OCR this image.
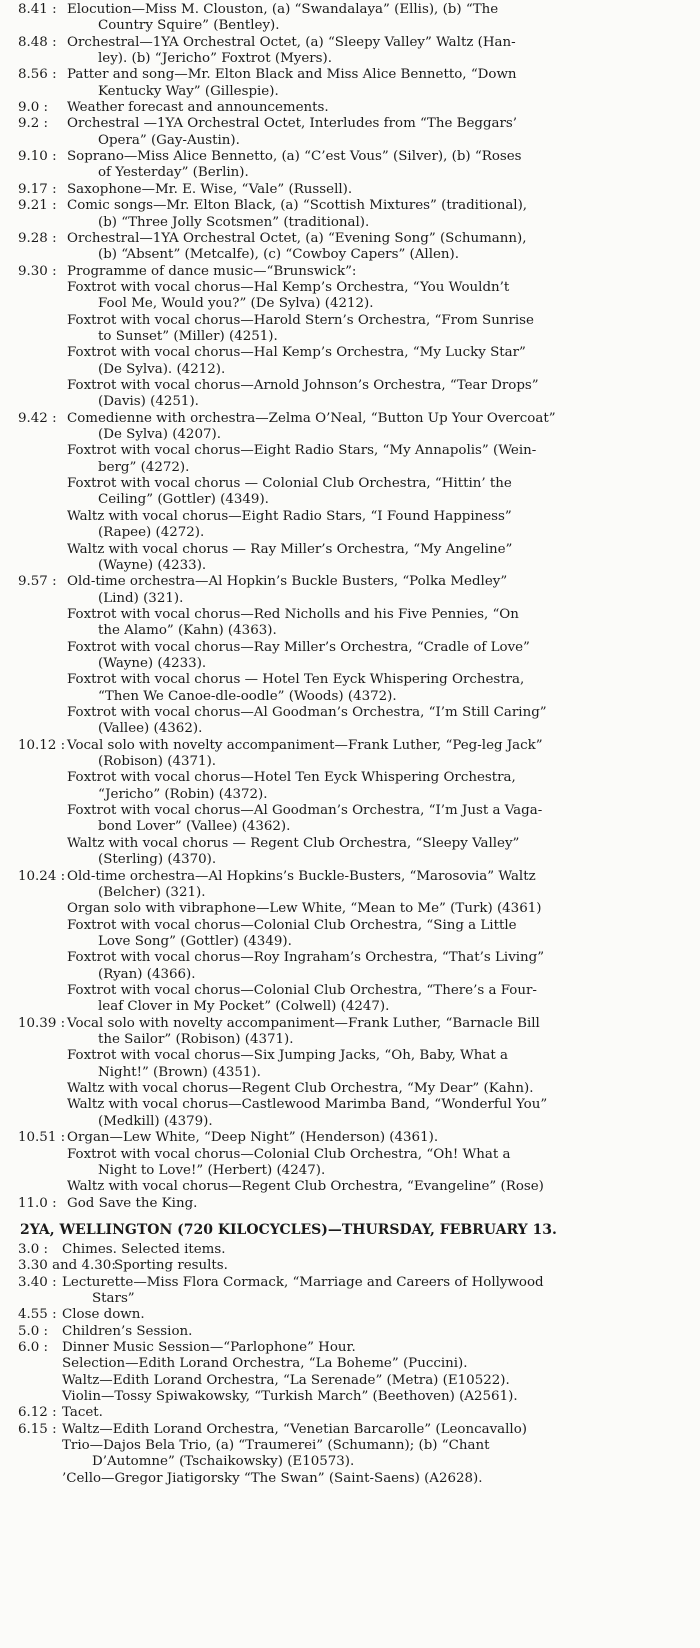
8.41 : Elocution—Miss M. Clouston, (a) “Swandalaya” (Ellis), (b) “The
Country Squire” (Bentley).
8.48 : Orchestral—1YA Orchestral Octet, (a) “Sleepy Valley” Waltz (Han-
ley). (b) “Jericho” Foxtrot (Myers).
8.56 : Patter and song—Mr. Elton Black and Miss Alice Bennetto, “Down
Kentucky Way” (Gillespie).
9.0 : Weather forecast and announcements.
9.2 : Orchestral —1YA Orchestral Octet, Interludes from “The Beggars’
Opera” (Gay-Austin).
9.10 : Soprano—Miss Alice Bennetto, (a) “C’est Vous” (Silver), (b) “Roses
of Yesterday” (Berlin).
9.17 : Saxophone—Mr. E. Wise, “Vale” (Russell).
9.21 : Comic songs—Mr. Elton Black, (a) “Scottish Mixtures” (traditional),
(b) “Three Jolly Scotsmen” (traditional).
9.28 : Orchestral—1YA Orchestral Octet, (a) “Evening Song” (Schumann),
(b) “Absent” (Metcalfe), (c) “Cowboy Capers” (Allen).
9.30 : Programme of dance music—“Brunswick”:
Foxtrot with vocal chorus—Hal Kemp’s Orchestra, “You Wouldn’t
Fool Me, Would you?” (De Sylva) (4212).
Foxtrot with vocal chorus—Harold Stern’s Orchestra, “From Sunrise
to Sunset” (Miller) (4251).
Foxtrot with vocal chorus—Hal Kemp’s Orchestra, “My Lucky Star”
(De Sylva). (4212).
Foxtrot with vocal chorus—Arnold Johnson’s Orchestra, “Tear Drops”
(Davis) (4251).
9.42 : Comedienne with orchestra—Zelma O’Neal, “Button Up Your Overcoat”
(De Sylva) (4207).
Foxtrot with vocal chorus—Eight Radio Stars, “My Annapolis” (Wein-
berg” (4272).
Foxtrot with vocal chorus — Colonial Club Orchestra, “Hittin’ the
Ceiling” (Gottler) (4349).
Waltz with vocal chorus—Eight Radio Stars, “I Found Happiness”
(Rapee) (4272).
Waltz with vocal chorus — Ray Miller’s Orchestra, “My Angeline”
(Wayne) (4233).
9.57 : Old-time orchestra—Al Hopkin’s Buckle Busters, “Polka Medley”
(Lind) (321).
Foxtrot with vocal chorus—Red Nicholls and his Five Pennies, “On
the Alamo” (Kahn) (4363).
Foxtrot with vocal chorus—Ray Miller’s Orchestra, “Cradle of Love”
(Wayne) (4233).
Foxtrot with vocal chorus — Hotel Ten Eyck Whispering Orchestra,
“Then We Canoe-dle-oodle” (Woods) (4372).
Foxtrot with vocal chorus—Al Goodman’s Orchestra, “I’m Still Caring”
(Vallee) (4362).
10.12 : Vocal solo with novelty accompaniment—Frank Luther, “Peg-leg Jack”
(Robison) (4371).
Foxtrot with vocal chorus—Hotel Ten Eyck Whispering Orchestra,
“Jericho” (Robin) (4372).
Foxtrot with vocal chorus—Al Goodman’s Orchestra, “I’m Just a Vaga-
bond Lover” (Vallee) (4362).
Waltz with vocal chorus — Regent Club Orchestra, “Sleepy Valley”
(Sterling) (4370).
10.24 : Old-time orchestra—Al Hopkins’s Buckle-Busters, “Marosovia” Waltz
(Belcher) (321).
Organ solo with vibraphone—Lew White, “Mean to Me” (Turk) (4361)
Foxtrot with vocal chorus—Colonial Club Orchestra, “Sing a Little
Love Song” (Gottler) (4349).
Foxtrot with vocal chorus—Roy Ingraham’s Orchestra, “That’s Living”
(Ryan) (4366).
Foxtrot with vocal chorus—Colonial Club Orchestra, “There’s a Four-
leaf Clover in My Pocket” (Colwell) (4247).
10.39 : Vocal solo with novelty accompaniment—Frank Luther, “Barnacle Bill
the Sailor” (Robison) (4371).
Foxtrot with vocal chorus—Six Jumping Jacks, “Oh, Baby, What a
Night!” (Brown) (4351).
Waltz with vocal chorus—Regent Club Orchestra, “My Dear” (Kahn).
Waltz with vocal chorus—Castlewood Marimba Band, “Wonderful You”
(Medkill) (4379).
10.51 : Organ—Lew White, “Deep Night” (Henderson) (4361).
Foxtrot with vocal chorus—Colonial Club Orchestra, “Oh! What a
Night to Love!” (Herbert) (4247).
Waltz with vocal chorus—Regent Club Orchestra, “Evangeline” (Rose)
11.0 : God Save the King.
2YA, WELLINGTON (720 KILOCYCLES)—THURSDAY, FEBRUARY 13.
3.0 : Chimes. Selected items.
3.30 and 4.30:
Sporting results.
3.40 : Lecturette—Miss Flora Cormack, “Marriage and Careers of Hollywood
Stars”
4.55 : Close down.
5.0 : Children’s Session.
6.0 : Dinner Music Session—“Parlophone” Hour.
Selection—Edith Lorand Orchestra, “La Boheme” (Puccini).
Waltz—Edith Lorand Orchestra, “La Serenade” (Metra) (E10522).
Violin—Tossy Spiwakowsky, “Turkish March” (Beethoven) (A2561).
6.12 : Tacet.
6.15 : Waltz—Edith Lorand Orchestra, “Venetian Barcarolle” (Leoncavallo)
Trio—Dajos Bela Trio, (a) “Traumerei” (Schumann); (b) “Chant
D’Automne” (Tschaikowsky) (E10573).
’Cello—Gregor Jiatigorsky “The Swan” (Saint-Saens) (A2628).
